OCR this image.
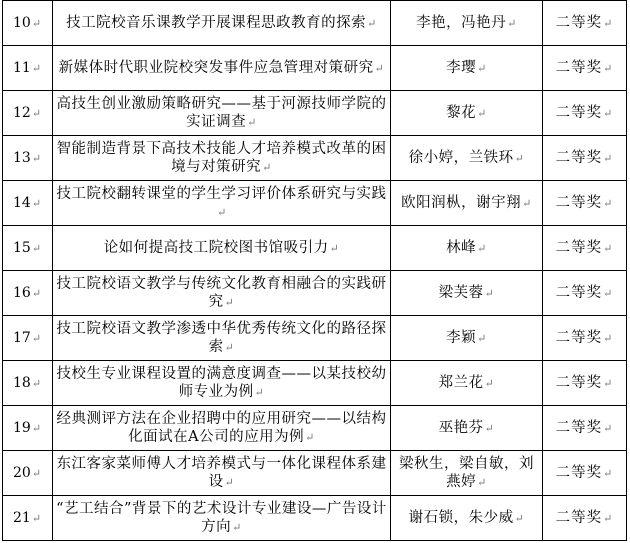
10↵	技工院校音乐课教学开展课程思政教育的探索↵	李艳，冯艳丹↵	二等奖↵
11↵	新媒体时代职业院校突发事件应急管理对策研究↵	李璎↵	二等奖↵
12↵	高技生创业激励策略研究——基于河源技师学院的实证调查↵	黎花↵	二等奖↵
13↵	智能制造背景下高技术技能人才培养模式改革的困境与对策研究↵	徐小婷，兰铁环↵	二等奖↵
14↵	技工院校翻转课堂的学生学习评价体系研究与实践↵	欧阳润枞，谢宇翔↵	二等奖↵
15↵	论如何提高技工院校图书馆吸引力↵	林峰↵	二等奖↵
16↵	技工院校语文教学与传统文化教育相融合的实践研究↵	梁芙蓉↵	二等奖↵
17↵	技工院校语文教学渗透中华优秀传统文化的路径探索↵	李颖↵	二等奖↵
18↵	技校生专业课程设置的满意度调查——以某技校幼师专业为例↵	郑兰花↵	二等奖↵
19↵	经典测评方法在企业招聘中的应用研究——以结构化面试在A公司的应用为例↵	巫艳芬↵	二等奖↵
20↵	东江客家菜师傅人才培养模式与一体化课程体系建设↵	梁秋生，梁自敏，刘燕婷↵	二等奖↵
21↵	“艺工结合”背景下的艺术设计专业建设—广告设计方向↵	谢石锁，朱少威↵	二等奖↵
